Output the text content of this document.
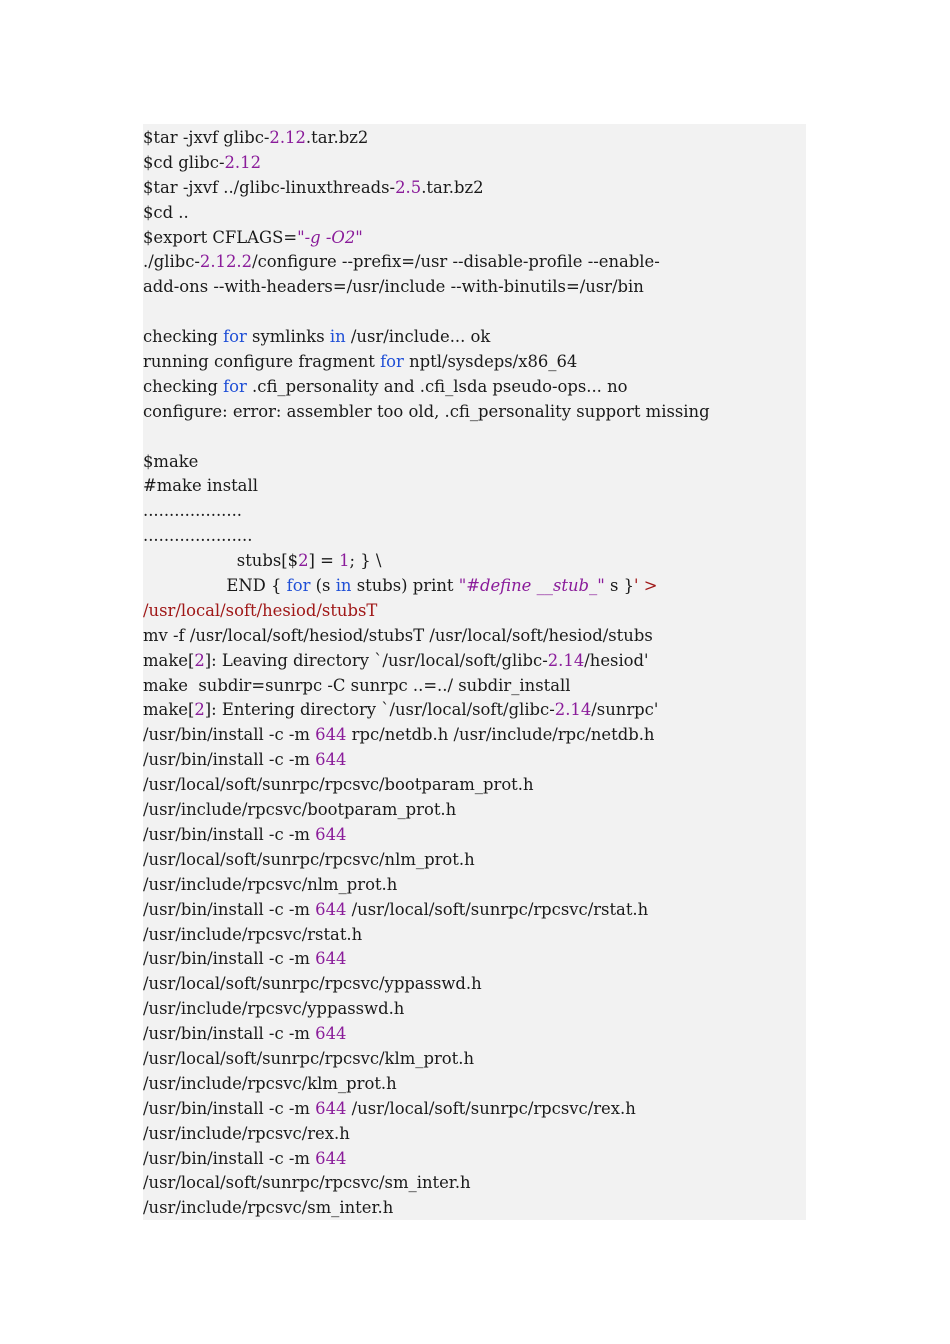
$tar -jxvf glibc-2.12.tar.bz2
$cd glibc-2.12
$tar -jxvf ../glibc-linuxthreads-2.5.tar.bz2
$cd ..
$export CFLAGS="-g -O2"
./glibc-2.12.2/configure --prefix=/usr --disable-profile --enable-
add-ons --with-headers=/usr/include --with-binutils=/usr/bin

checking for symlinks in /usr/include... ok
running configure fragment for nptl/sysdeps/x86_64
checking for .cfi_personality and .cfi_lsda pseudo-ops... no
configure: error: assembler too old, .cfi_personality support missing

$make
#make install
...................
.....................
stubs[$2] = 1; } \
END { for (s in stubs) print "#define __stub_" s }' >
/usr/local/soft/hesiod/stubsT
mv -f /usr/local/soft/hesiod/stubsT /usr/local/soft/hesiod/stubs
make[2]: Leaving directory `/usr/local/soft/glibc-2.14/hesiod'
make  subdir=sunrpc -C sunrpc ..=../ subdir_install
make[2]: Entering directory `/usr/local/soft/glibc-2.14/sunrpc'
/usr/bin/install -c -m 644 rpc/netdb.h /usr/include/rpc/netdb.h
/usr/bin/install -c -m 644
/usr/local/soft/sunrpc/rpcsvc/bootparam_prot.h
/usr/include/rpcsvc/bootparam_prot.h
/usr/bin/install -c -m 644
/usr/local/soft/sunrpc/rpcsvc/nlm_prot.h
/usr/include/rpcsvc/nlm_prot.h
/usr/bin/install -c -m 644 /usr/local/soft/sunrpc/rpcsvc/rstat.h
/usr/include/rpcsvc/rstat.h
/usr/bin/install -c -m 644
/usr/local/soft/sunrpc/rpcsvc/yppasswd.h
/usr/include/rpcsvc/yppasswd.h
/usr/bin/install -c -m 644
/usr/local/soft/sunrpc/rpcsvc/klm_prot.h
/usr/include/rpcsvc/klm_prot.h
/usr/bin/install -c -m 644 /usr/local/soft/sunrpc/rpcsvc/rex.h
/usr/include/rpcsvc/rex.h
/usr/bin/install -c -m 644
/usr/local/soft/sunrpc/rpcsvc/sm_inter.h
/usr/include/rpcsvc/sm_inter.h
